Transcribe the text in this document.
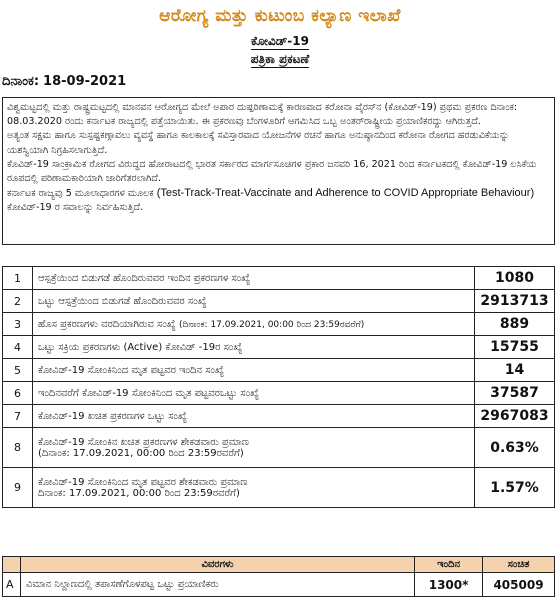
ಆರೋಗ್ಯ ಮತ್ತು ಕುಟುಂಬ ಕಲ್ಯಾಣ ಇಲಾಖೆ
ಕೋವಿಡ್-19
ಪತ್ರಿಕಾ ಪ್ರಕಟಣೆ
ದಿನಾಂಕ: 18-09-2021

ವಿಶ್ವಮಟ್ಟದಲ್ಲಿ ಮತ್ತು ರಾಷ್ಟ್ರಮಟ್ಟದಲ್ಲಿ ಮಾನವನ ಆರೋಗ್ಯದ ಮೇಲೆ ಅಪಾರ ದುಷ್ಪರಿಣಾಮಕ್ಕೆ ಕಾರಣವಾದ ಕರೋನಾ ವೈರಸ್‌ನ (ಕೋವಿಡ್-19) ಪ್ರಥಮ ಪ್ರಕರಣ ದಿನಾಂಕ: 08.03.2020 ರಂದು ಕರ್ನಾಟಕ ರಾಜ್ಯದಲ್ಲಿ ಪತ್ತೆಯಾಯಿತು. ಈ ಪ್ರಕರಣವು ಬೆಂಗಳೂರಿಗೆ ಆಗಮಿಸಿದ ಒಬ್ಬ ಅಂತರ್‌ರಾಷ್ಟ್ರೀಯ ಪ್ರಯಾಣಿಕರದ್ದು ಆಗಿರುತ್ತದೆ.

ಅತ್ಯಂತ ಸಕ್ಷಮ ಹಾಗೂ ಸುಸ್ಪಷ್ಟಕಣ್ಗಾವಲು ವ್ಯವಸ್ಥೆ ಹಾಗೂ ಕಾಲಕಾಲಕ್ಕೆ ಸವಿಸ್ತಾರವಾದ ಯೋಜನೆಗಳ ರಚನೆ ಹಾಗೂ ಅನುಷ್ಠಾನದಿಂದ ಕರೋನಾ ರೋಗದ ಹರಡುವಿಕೆಯನ್ನು ಯಶಸ್ವಿಯಾಗಿ ನಿಗ್ರಹಿಸಲಾಗುತ್ತಿದೆ.

ಕೊವಿಡ್-19 ಸಾಂಕ್ರಾಮಿಕ ರೋಗದ ವಿರುದ್ಧದ ಹೋರಾಟದಲ್ಲಿ ಭಾರತ ಸರ್ಕಾರದ ಮಾರ್ಗಸೂಚಿಗಳ ಪ್ರಕಾರ ಜನವರಿ 16, 2021 ರಿಂದ ಕರ್ನಾಟಕದಲ್ಲಿ ಕೋವಿಡ್-19 ಲಸಿಕೆಯ ರೂಪದಲ್ಲಿ ಪರಿಣಾಮಕಾರಿಯಾಗಿ ಜಾರಿಗೆತರಲಾಗಿದೆ.

ಕರ್ನಾಟಕ ರಾಜ್ಯವು 5 ಮೂಲಾಧಾರಗಳ ಮೂಲಕ (Test-Track-Treat-Vaccinate and Adherence to COVID Appropriate Behaviour) ಕೋವಿಡ್-19 ರ ಸವಾಲನ್ನು ನಿರ್ವಹಿಸುತ್ತಿದೆ.

1	ಆಸ್ಪತ್ರೆಯಿಂದ ಬಿಡುಗಡೆ ಹೊಂದಿರುವವರ ಇಂದಿನ ಪ್ರಕರಣಗಳ ಸಂಖ್ಯೆ	1080
2	ಒಟ್ಟು ಆಸ್ಪತ್ರೆಯಿಂದ ಬಿಡುಗಡೆ ಹೊಂದಿರುವವರ ಸಂಖ್ಯೆ	2913713
3	ಹೊಸ ಪ್ರಕರಣಗಳು ವರದಿಯಾಗಿರುವ ಸಂಖ್ಯೆ (ದಿನಾಂಕ: 17.09.2021, 00:00 ರಿಂದ 23:59ರವರೆಗೆ)	889
4	ಒಟ್ಟು ಸಕ್ರಿಯ ಪ್ರಕರಣಗಳು (Active) ಕೋವಿಡ್ -19ರ ಸಂಖ್ಯೆ	15755
5	ಕೋವಿಡ್-19 ಸೋಂಕಿನಿಂದ ಮೃತ ಪಟ್ಟವರ ಇಂದಿನ ಸಂಖ್ಯೆ	14
6	ಇಂದಿನವರೆಗೆ ಕೋವಿಡ್-19 ಸೋಂಕಿನಿಂದ ಮೃತ ಪಟ್ಟವರಒಟ್ಟು ಸಂಖ್ಯೆ	37587
7	ಕೋವಿಡ್-19 ಖಚಿತ ಪ್ರಕರಣಗಳ ಒಟ್ಟು ಸಂಖ್ಯೆ	2967083
8	ಕೋವಿಡ್-19 ಸೋಂಕಿನ ಖಚಿತ ಪ್ರಕರಣಗಳ ಶೇಕಡವಾರು ಪ್ರಮಾಣ
(ದಿನಾಂಕ: 17.09.2021, 00:00 ರಿಂದ 23:59ರವರೆಗೆ)	0.63%
9	ಕೋವಿಡ್-19 ಸೋಂಕಿನಿಂದ ಮೃತ ಪಟ್ಟವರ ಶೇಕಡವಾರು ಪ್ರಮಾಣ
ದಿನಾಂಕ: 17.09.2021, 00:00 ರಿಂದ 23:59ರವರೆಗೆ)	1.57%
	ವಿವರಗಳು	ಇಂದಿನ	ಸಂಚಿತ
A	ವಿಮಾನ ನಿಲ್ದಾಣದಲ್ಲಿ ತಪಾಸಣೆಗೊಳಪಟ್ಟ ಒಟ್ಟು ಪ್ರಯಾಣಿಕರು	1300*	405009
